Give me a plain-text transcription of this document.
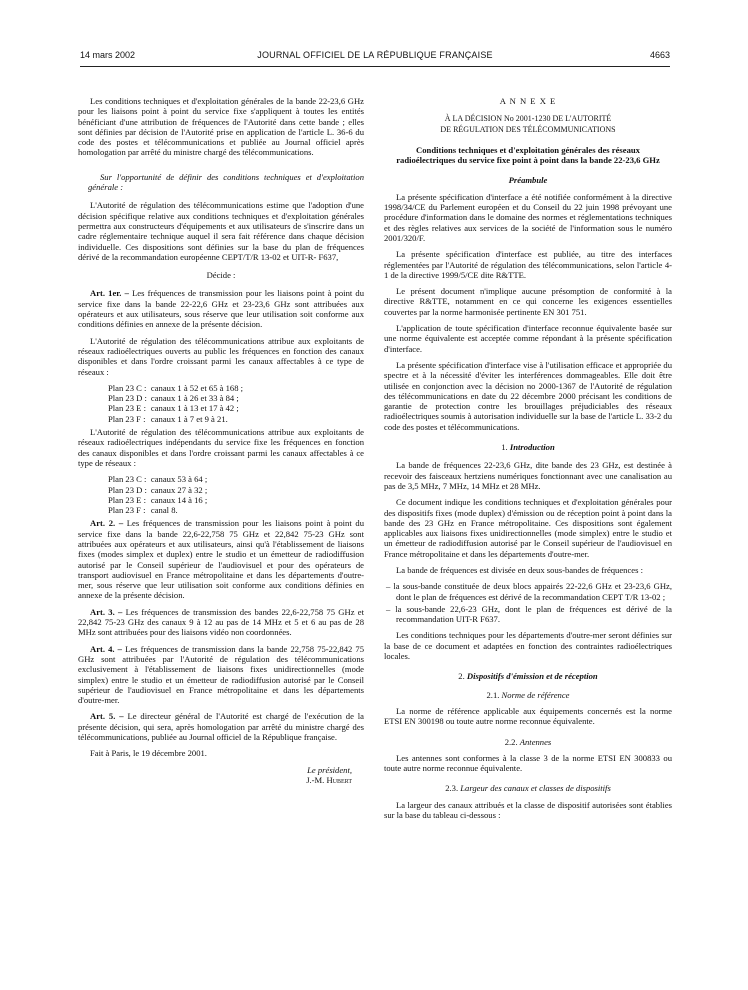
14 mars 2002	JOURNAL OFFICIEL DE LA RÉPUBLIQUE FRANÇAISE	4663

Les conditions techniques et d'exploitation générales de la bande 22-23,6 GHz pour les liaisons point à point du service fixe s'appliquent à toutes les entités bénéficiant d'une attribution de fréquences de l'Autorité dans cette bande ; elles sont définies par décision de l'Autorité prise en application de l'article L. 36-6 du code des postes et télécommunications et publiée au Journal officiel après homologation par arrêté du ministre chargé des télécommunications.

Sur l'opportunité de définir des conditions techniques et d'exploitation générale :

L'Autorité de régulation des télécommunications estime que l'adoption d'une décision spécifique relative aux conditions techniques et d'exploitation générales permettra aux constructeurs d'équipements et aux utilisateurs de s'inscrire dans un cadre réglementaire technique auquel il sera fait référence dans chaque décision individuelle. Ces dispositions sont définies sur la base du plan de fréquences dérivé de la recommandation européenne CEPT/T/R 13-02 et UIT-R- F637,

Décide :

Art. 1er. – Les fréquences de transmission pour les liaisons point à point du service fixe dans la bande 22-22,6 GHz et 23-23,6 GHz sont attribuées aux opérateurs et aux utilisateurs, sous réserve que leur utilisation soit conforme aux conditions définies en annexe de la présente décision.

L'Autorité de régulation des télécommunications attribue aux exploitants de réseaux radioélectriques ouverts au public les fréquences en fonction des canaux disponibles et dans l'ordre croissant parmi les canaux affectables à ce type de réseaux :

Plan 23 C :	canaux 1 à 52 et 65 à 168 ;
Plan 23 D :	canaux 1 à 26 et 33 à 84 ;
Plan 23 E :	canaux 1 à 13 et 17 à 42 ;
Plan 23 F :	canaux 1 à 7 et 9 à 21.

L'Autorité de régulation des télécommunications attribue aux exploitants de réseaux radioélectriques indépendants du service fixe les fréquences en fonction des canaux disponibles et dans l'ordre croissant parmi les canaux affectables à ce type de réseaux :

Plan 23 C :	canaux 53 à 64 ;
Plan 23 D :	canaux 27 à 32 ;
Plan 23 E :	canaux 14 à 16 ;
Plan 23 F :	canal 8.

Art. 2. – Les fréquences de transmission pour les liaisons point à point du service fixe dans la bande 22,6-22,758 75 GHz et 22,842 75-23 GHz sont attribuées aux opérateurs et aux utilisateurs, ainsi qu'à l'établissement de liaisons fixes (modes simplex et duplex) entre le studio et un émetteur de radiodiffusion autorisé par le Conseil supérieur de l'audiovisuel et pour des opérateurs de transport audiovisuel en France métropolitaine et dans les départements d'outre-mer, sous réserve que leur utilisation soit conforme aux conditions définies en annexe de la présente décision.

Art. 3. – Les fréquences de transmission des bandes 22,6-22,758 75 GHz et 22,842 75-23 GHz des canaux 9 à 12 au pas de 14 MHz et 5 et 6 au pas de 28 MHz sont attribuées pour des liaisons vidéo non coordonnées.

Art. 4. – Les fréquences de transmission dans la bande 22,758 75-22,842 75 GHz sont attribuées par l'Autorité de régulation des télécommunications exclusivement à l'établissement de liaisons fixes unidirectionnelles (mode simplex) entre le studio et un émetteur de radiodiffusion autorisé par le Conseil supérieur de l'audiovisuel en France métropolitaine et dans les départements d'outre-mer.

Art. 5. – Le directeur général de l'Autorité est chargé de l'exécution de la présente décision, qui sera, après homologation par arrêté du ministre chargé des télécommunications, publiée au Journal officiel de la République française.

Fait à Paris, le 19 décembre 2001.

Le président,

J.-M. Hubert

A N N E X E

À LA DÉCISION No 2001-1230 DE L'AUTORITÉ

DE RÉGULATION DES TÉLÉCOMMUNICATIONS

Conditions techniques et d'exploitation générales des réseaux radioélectriques du service fixe point à point dans la bande 22-23,6 GHz

Préambule

La présente spécification d'interface a été notifiée conformément à la directive 1998/34/CE du Parlement européen et du Conseil du 22 juin 1998 prévoyant une procédure d'information dans le domaine des normes et réglementations techniques et des règles relatives aux services de la société de l'information sous le numéro 2001/320/F.

La présente spécification d'interface est publiée, au titre des interfaces réglementées par l'Autorité de régulation des télécommunications, selon l'article 4-1 de la directive 1999/5/CE dite R&TTE.

Le présent document n'implique aucune présomption de conformité à la directive R&TTE, notamment en ce qui concerne les exigences essentielles couvertes par la norme harmonisée pertinente EN 301 751.

L'application de toute spécification d'interface reconnue équivalente basée sur une norme équivalente est acceptée comme répondant à la présente spécification d'interface.

La présente spécification d'interface vise à l'utilisation efficace et appropriée du spectre et à la nécessité d'éviter les interférences dommageables. Elle doit être utilisée en conjonction avec la décision no 2000-1367 de l'Autorité de régulation des télécommunications en date du 22 décembre 2000 précisant les conditions de garantie de protection contre les brouillages préjudiciables des réseaux radioélectriques soumis à autorisation individuelle sur la base de l'article L. 33-2 du code des postes et télécommunications.

1. Introduction

La bande de fréquences 22-23,6 GHz, dite bande des 23 GHz, est destinée à recevoir des faisceaux hertziens numériques fonctionnant avec une canalisation au pas de 3,5 MHz, 7 MHz, 14 MHz et 28 MHz.

Ce document indique les conditions techniques et d'exploitation générales pour des dispositifs fixes (mode duplex) d'émission ou de réception point à point dans la bande des 23 GHz en France métropolitaine. Ces dispositions sont également applicables aux liaisons fixes unidirectionnelles (mode simplex) entre le studio et un émetteur de radiodiffusion autorisé par le Conseil supérieur de l'audiovisuel en France métropolitaine et dans les départements d'outre-mer.

La bande de fréquences est divisée en deux sous-bandes de fréquences :

– la sous-bande constituée de deux blocs appairés 22-22,6 GHz et 23-23,6 GHz, dont le plan de fréquences est dérivé de la recommandation CEPT T/R 13-02 ;
– la sous-bande 22,6-23 GHz, dont le plan de fréquences est dérivé de la recommandation UIT-R F637.

Les conditions techniques pour les départements d'outre-mer seront définies sur la base de ce document et adaptées en fonction des contraintes radioélectriques locales.

2. Dispositifs d'émission et de réception

2.1. Norme de référence

La norme de référence applicable aux équipements concernés est la norme ETSI EN 300198 ou toute autre norme reconnue équivalente.

2.2. Antennes

Les antennes sont conformes à la classe 3 de la norme ETSI EN 300833 ou toute autre norme reconnue équivalente.

2.3. Largeur des canaux et classes de dispositifs

La largeur des canaux attribués et la classe de dispositif autorisées sont établies sur la base du tableau ci-dessous :
